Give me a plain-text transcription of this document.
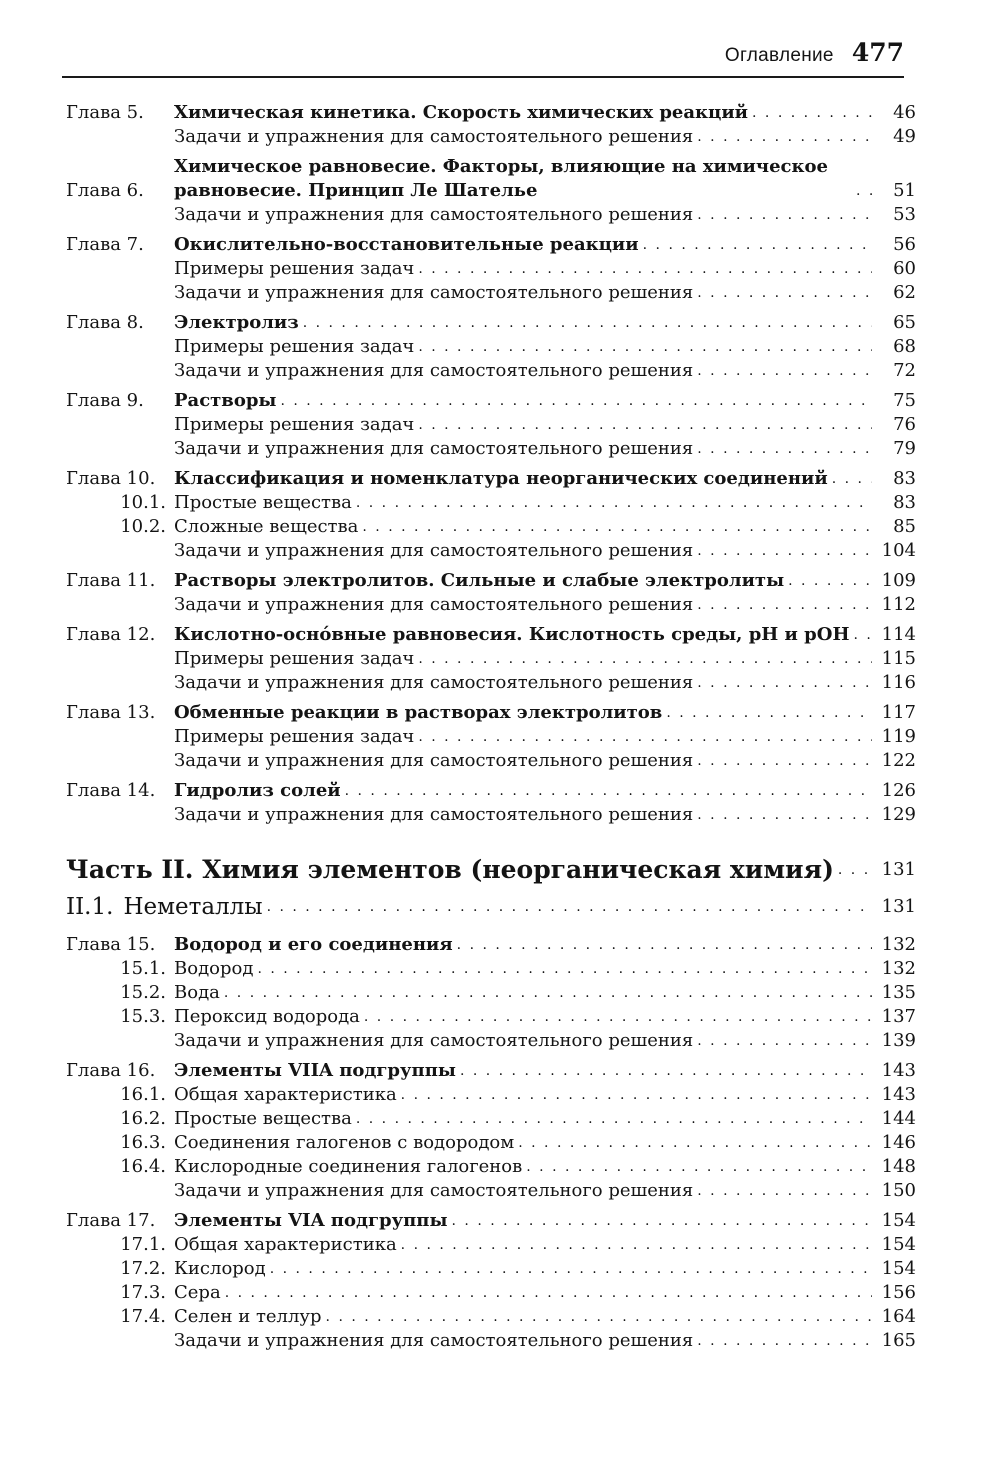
Оглавление 477
Глава 5.	Химическая кинетика. Скорость химических реакций . . .	46
Задачи и упражнения для самостоятельного решения . . .	49
Глава 6.
Химическое равновесие. Факторы, влияющие на химическое равновесие. Принцип Ле Шателье . . .	51
Задачи и упражнения для самостоятельного решения . . .	53
Глава 7.	Окислительно-восстановительные реакции . . .	56
Примеры решения задач . . .	60
Задачи и упражнения для самостоятельного решения . . .	62
Глава 8.	Электролиз . . .	65
Примеры решения задач . . .	68
Задачи и упражнения для самостоятельного решения . . .	72
Глава 9.	Растворы . . .	75
Примеры решения задач . . .	76
Задачи и упражнения для самостоятельного решения . . .	79
Глава 10.	Классификация и номенклатура неорганических соединений . . .	83
10.1. Простые вещества . . .	83
10.2. Сложные вещества . . .	85
Задачи и упражнения для самостоятельного решения . . .	104
Глава 11.	Растворы электролитов. Сильные и слабые электролиты . . .	109
Задачи и упражнения для самостоятельного решения . . .	112
Глава 12.	Кислотно-осно́вные равновесия. Кислотность среды, pH и pOH . . .	114
Примеры решения задач . . .	115
Задачи и упражнения для самостоятельного решения . . .	116
Глава 13.	Обменные реакции в растворах электролитов . . .	117
Примеры решения задач . . .	119
Задачи и упражнения для самостоятельного решения . . .	122
Глава 14.	Гидролиз солей . . .	126
Задачи и упражнения для самостоятельного решения . . .	129
Часть II. Химия элементов (неорганическая химия) . . .	131
II.1. Неметаллы . . .	131
Глава 15.	Водород и его соединения . . .	132
15.1. Водород . . .	132
15.2. Вода . . .	135
15.3. Пероксид водорода . . .	137
Задачи и упражнения для самостоятельного решения . . .	139
Глава 16.	Элементы VIIA подгруппы . . .	143
16.1. Общая характеристика . . .	143
16.2. Простые вещества . . .	144
16.3. Соединения галогенов с водородом . . .	146
16.4. Кислородные соединения галогенов . . .	148
Задачи и упражнения для самостоятельного решения . . .	150
Глава 17.	Элементы VIA подгруппы . . .	154
17.1. Общая характеристика . . .	154
17.2. Кислород . . .	154
17.3. Сера . . .	156
17.4. Селен и теллур . . .	164
Задачи и упражнения для самостоятельного решения . . .	165
